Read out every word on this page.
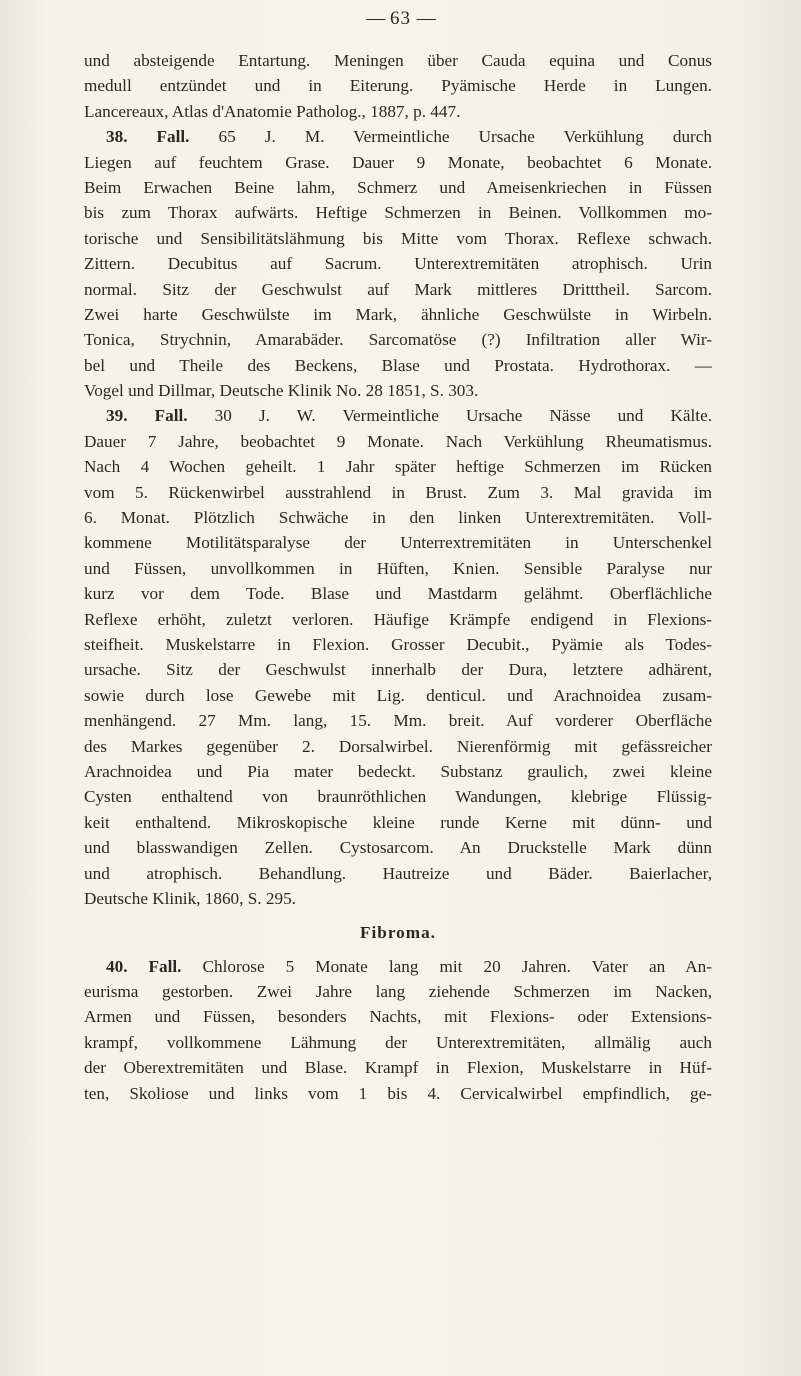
— 63 —
und absteigende Entartung. Meningen über Cauda equina und Conus
medull entzündet und in Eiterung. Pyämische Herde in Lungen.
Lancereaux, Atlas d'Anatomie Patholog., 1887, p. 447.
38. Fall. 65 J. M. Vermeintliche Ursache Verkühlung durch
Liegen auf feuchtem Grase. Dauer 9 Monate, beobachtet 6 Monate.
Beim Erwachen Beine lahm, Schmerz und Ameisenkriechen in Füssen
bis zum Thorax aufwärts. Heftige Schmerzen in Beinen. Vollkommen mo-
torische und Sensibilitätslähmung bis Mitte vom Thorax. Reflexe schwach.
Zittern. Decubitus auf Sacrum. Unterextremitäten atrophisch. Urin
normal. Sitz der Geschwulst auf Mark mittleres Dritttheil. Sarcom.
Zwei harte Geschwülste im Mark, ähnliche Geschwülste in Wirbeln.
Tonica, Strychnin, Amarabäder. Sarcomatöse (?) Infiltration aller Wir-
bel und Theile des Beckens, Blase und Prostata. Hydrothorax. —
Vogel und Dillmar, Deutsche Klinik No. 28 1851, S. 303.
39. Fall. 30 J. W. Vermeintliche Ursache Nässe und Kälte.
Dauer 7 Jahre, beobachtet 9 Monate. Nach Verkühlung Rheumatismus.
Nach 4 Wochen geheilt. 1 Jahr später heftige Schmerzen im Rücken
vom 5. Rückenwirbel ausstrahlend in Brust. Zum 3. Mal gravida im
6. Monat. Plötzlich Schwäche in den linken Unterextremitäten. Voll-
kommene Motilitätsparalyse der Unterrextremitäten in Unterschenkel
und Füssen, unvollkommen in Hüften, Knien. Sensible Paralyse nur
kurz vor dem Tode. Blase und Mastdarm gelähmt. Oberflächliche
Reflexe erhöht, zuletzt verloren. Häufige Krämpfe endigend in Flexions-
steifheit. Muskelstarre in Flexion. Grosser Decubit., Pyämie als Todes-
ursache. Sitz der Geschwulst innerhalb der Dura, letztere adhärent,
sowie durch lose Gewebe mit Lig. denticul. und Arachnoidea zusam-
menhängend. 27 Mm. lang, 15. Mm. breit. Auf vorderer Oberfläche
des Markes gegenüber 2. Dorsalwirbel. Nierenförmig mit gefässreicher
Arachnoidea und Pia mater bedeckt. Substanz graulich, zwei kleine
Cysten enthaltend von braunröthlichen Wandungen, klebrige Flüssig-
keit enthaltend. Mikroskopische kleine runde Kerne mit dünn- und
und blasswandigen Zellen. Cystosarcom. An Druckstelle Mark dünn
und atrophisch. Behandlung. Hautreize und Bäder. Baierlacher,
Deutsche Klinik, 1860, S. 295.
Fibroma.
40. Fall. Chlorose 5 Monate lang mit 20 Jahren. Vater an An-
eurisma gestorben. Zwei Jahre lang ziehende Schmerzen im Nacken,
Armen und Füssen, besonders Nachts, mit Flexions- oder Extensions-
krampf, vollkommene Lähmung der Unterextremitäten, allmälig auch
der Oberextremitäten und Blase. Krampf in Flexion, Muskelstarre in Hüf-
ten, Skoliose und links vom 1 bis 4. Cervicalwirbel empfindlich, ge-
